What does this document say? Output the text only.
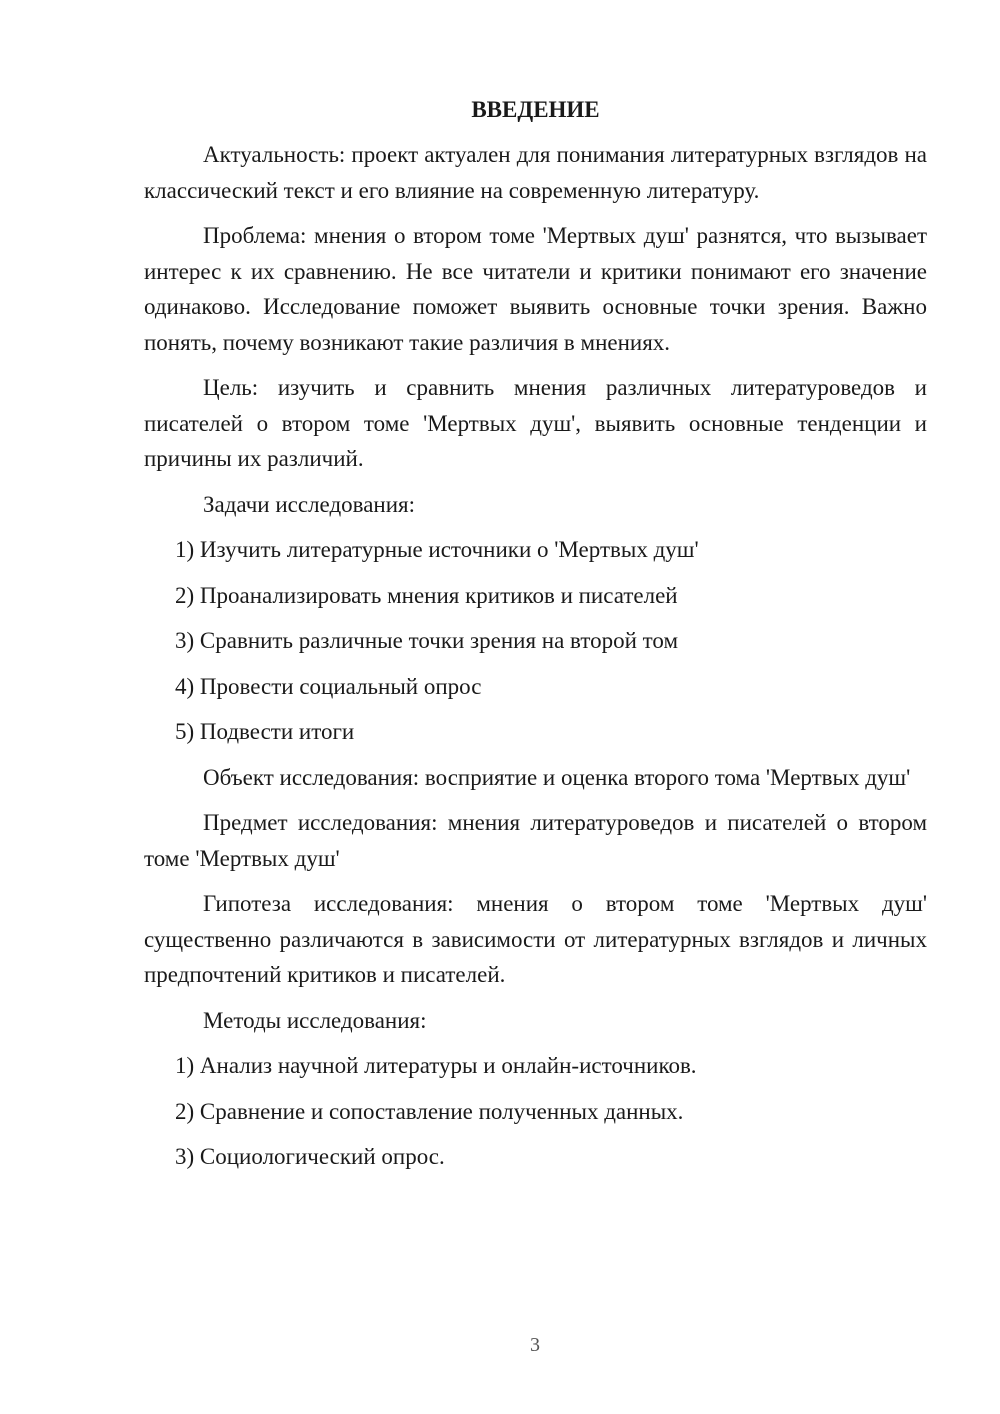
ВВЕДЕНИЕ

Актуальность: проект актуален для понимания литературных взглядов на классический текст и его влияние на современную литературу.

Проблема: мнения о втором томе 'Мертвых душ' разнятся, что вызывает интерес к их сравнению. Не все читатели и критики понимают его значение одинаково. Исследование поможет выявить основные точки зрения. Важно понять, почему возникают такие различия в мнениях.

Цель: изучить и сравнить мнения различных литературоведов и писателей о втором томе 'Мертвых душ', выявить основные тенденции и причины их различий.

Задачи исследования:

1) Изучить литературные источники о 'Мертвых душ'
2) Проанализировать мнения критиков и писателей
3) Сравнить различные точки зрения на второй том
4) Провести социальный опрос
5) Подвести итоги

Объект исследования: восприятие и оценка второго тома 'Мертвых душ'

Предмет исследования: мнения литературоведов и писателей о втором томе 'Мертвых душ'

Гипотеза исследования: мнения о втором томе 'Мертвых душ' существенно различаются в зависимости от литературных взглядов и личных предпочтений критиков и писателей.

Методы исследования:

1) Анализ научной литературы и онлайн-источников.
2) Сравнение и сопоставление полученных данных.
3) Социологический опрос.
3
